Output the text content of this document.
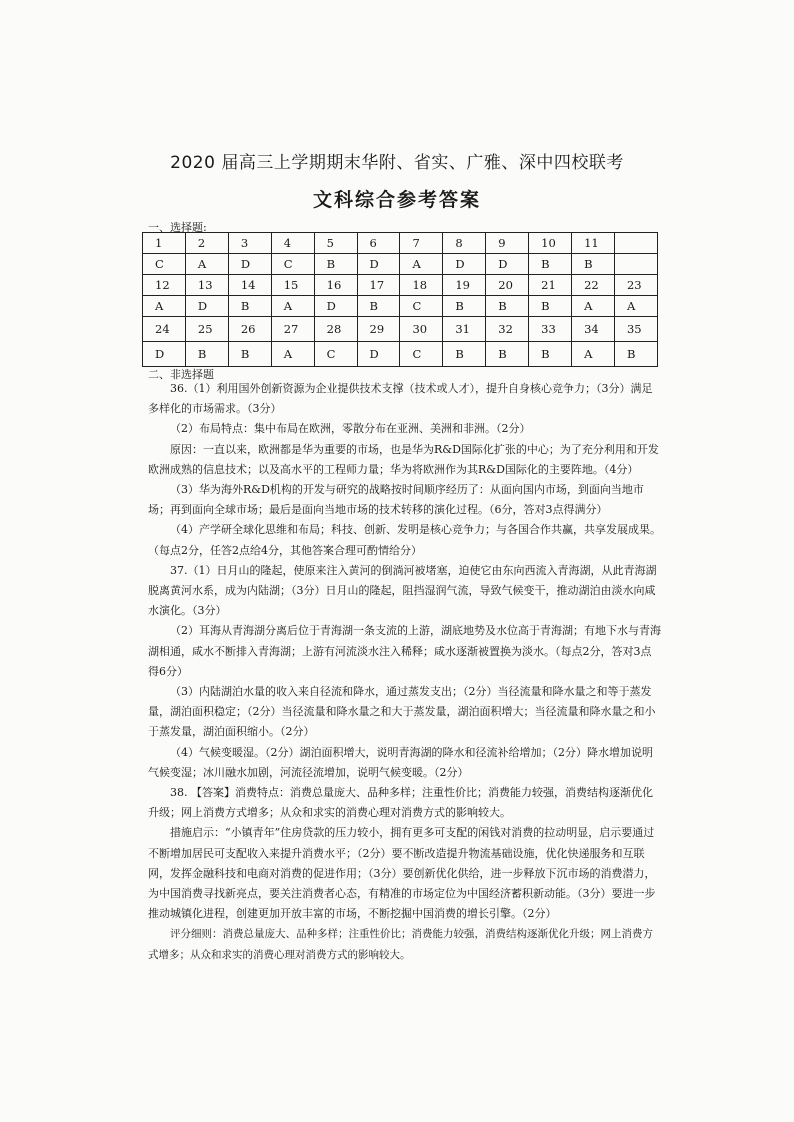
2020 届高三上学期期末华附、省实、广雅、深中四校联考
文科综合参考答案
一、选择题:
1	2	3	4	5	6	7	8	9	10	11	
C	A	D	C	B	D	A	D	D	B	B	
12	13	14	15	16	17	18	19	20	21	22	23
A	D	B	A	D	B	C	B	B	B	A	A
24	25	26	27	28	29	30	31	32	33	34	35
D	B	B	A	C	D	C	B	B	B	A	B
二、非选择题

36.（1）利用国外创新资源为企业提供技术支撑（技术或人才），提升自身核心竞争力；（3分）满足多样化的市场需求。（3分）

（2）布局特点：集中布局在欧洲，零散分布在亚洲、美洲和非洲。（2分）

原因：一直以来，欧洲都是华为重要的市场，也是华为R&D国际化扩张的中心；为了充分利用和开发欧洲成熟的信息技术；以及高水平的工程师力量；华为将欧洲作为其R&D国际化的主要阵地。（4分）

（3）华为海外R&D机构的开发与研究的战略按时间顺序经历了：从面向国内市场，到面向当地市场；再到面向全球市场；最后是面向当地市场的技术转移的演化过程。（6分，答对3点得满分）

（4）产学研全球化思维和布局；科技、创新、发明是核心竞争力；与各国合作共赢，共享发展成果。（每点2分，任答2点给4分，其他答案合理可酌情给分）

37.（1）日月山的隆起，使原来注入黄河的倒淌河被堵塞，迫使它由东向西流入青海湖，从此青海湖脱离黄河水系，成为内陆湖；（3分）日月山的隆起，阻挡湿润气流，导致气候变干，推动湖泊由淡水向咸水演化。（3分）

（2）耳海从青海湖分离后位于青海湖一条支流的上游，湖底地势及水位高于青海湖；有地下水与青海湖相通，咸水不断排入青海湖；上游有河流淡水注入稀释；咸水逐渐被置换为淡水。（每点2分，答对3点得6分）

（3）内陆湖泊水量的收入来自径流和降水，通过蒸发支出；（2分）当径流量和降水量之和等于蒸发量，湖泊面积稳定；（2分）当径流量和降水量之和大于蒸发量，湖泊面积增大；当径流量和降水量之和小于蒸发量，湖泊面积缩小。（2分）

（4）气候变暖湿。（2分）湖泊面积增大，说明青海湖的降水和径流补给增加；（2分）降水增加说明气候变湿；冰川融水加剧，河流径流增加，说明气候变暖。（2分）

38. 【答案】消费特点：消费总量庞大、品种多样；注重性价比；消费能力较强，消费结构逐渐优化升级；网上消费方式增多；从众和求实的消费心理对消费方式的影响较大。

措施启示：“小镇青年”住房贷款的压力较小，拥有更多可支配的闲钱对消费的拉动明显，启示要通过不断增加居民可支配收入来提升消费水平；（2分）要不断改造提升物流基础设施，优化快递服务和互联网，发挥金融科技和电商对消费的促进作用；（3分）要创新优化供给，进一步释放下沉市场的消费潜力，为中国消费寻找新亮点，要关注消费者心态，有精准的市场定位为中国经济蓄积新动能。（3分）要进一步推动城镇化进程，创建更加开放丰富的市场，不断挖掘中国消费的增长引擎。（2分）

评分细则：消费总量庞大、品种多样；注重性价比；消费能力较强，消费结构逐渐优化升级；网上消费方式增多；从众和求实的消费心理对消费方式的影响较大。
